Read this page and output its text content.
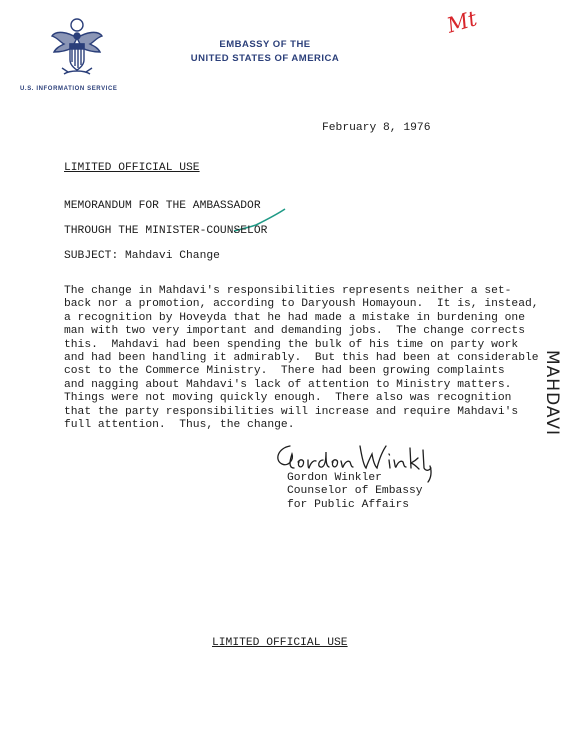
U.S. INFORMATION SERVICE
EMBASSY OF THE
UNITED STATES OF AMERICA
Mt
MAHDAVI
February 8, 1976
LIMITED OFFICIAL USE
MEMORANDUM FOR THE AMBASSADOR
THROUGH THE MINISTER-COUNSELOR
SUBJECT: Mahdavi Change

The change in Mahdavi's responsibilities represents neither a set-

back nor a promotion, according to Daryoush Homayoun.  It is, instead,

a recognition by Hoveyda that he had made a mistake in burdening one

man with two very important and demanding jobs.  The change corrects

this.  Mahdavi had been spending the bulk of his time on party work

and had been handling it admirably.  But this had been at considerable

cost to the Commerce Ministry.  There had been growing complaints

and nagging about Mahdavi's lack of attention to Ministry matters.

Things were not moving quickly enough.  There also was recognition

that the party responsibilities will increase and require Mahdavi's

full attention.  Thus, the change.

Gordon Winkler
Counselor of Embassy
for Public Affairs
LIMITED OFFICIAL USE
